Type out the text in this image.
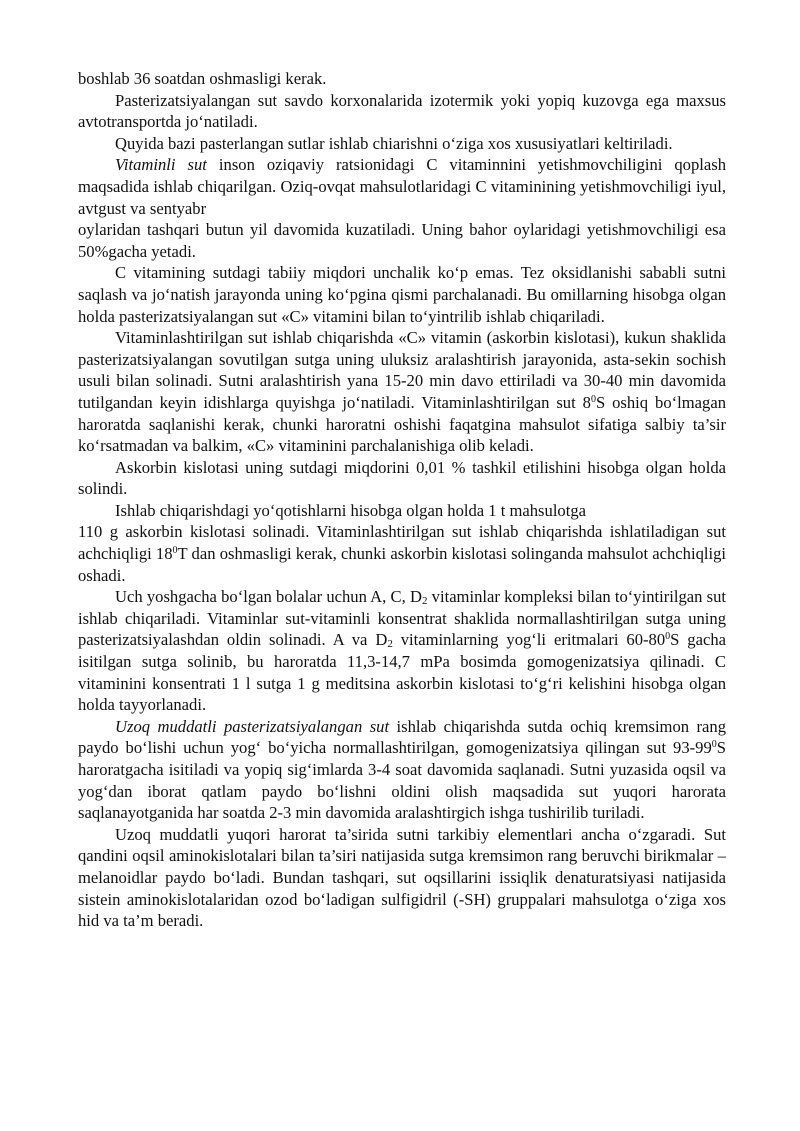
boshlab 36 soatdan oshmasligi kerak.

Pasterizatsiyalangan sut savdo korxonalarida izotermik yoki yopiq kuzovga ega maxsus avtotransportda jo‘natiladi.

Quyida bazi pasterlangan sutlar ishlab chiarishni o‘ziga xos xususiyatlari keltiriladi.

Vitaminli sut inson oziqaviy ratsionidagi C vitaminnini yetishmovchiligini qoplash maqsadida ishlab chiqarilgan. Oziq-ovqat mahsulotlaridagi C vitaminining yetishmovchiligi iyul, avtgust va sentyabr

oylaridan tashqari butun yil davomida kuzatiladi. Uning bahor oylaridagi yetishmovchiligi esa 50%gacha yetadi.

C vitamining sutdagi tabiiy miqdori unchalik ko‘p emas. Tez oksidlanishi sababli sutni saqlash va jo‘natish jarayonda uning ko‘pgina qismi parchalanadi. Bu omillarning hisobga olgan holda pasterizatsiyalangan sut «C» vitamini bilan to‘yintrilib ishlab chiqariladi.

Vitaminlashtirilgan sut ishlab chiqarishda «C» vitamin (askorbin kislotasi), kukun shaklida pasterizatsiyalangan sovutilgan sutga uning uluksiz aralashtirish jarayonida, asta-sekin sochish usuli bilan solinadi. Sutni aralashtirish yana 15-20 min davo ettiriladi va 30-40 min davomida tutilgandan keyin idishlarga quyishga jo‘natiladi. Vitaminlashtirilgan sut $8^0S$ oshiq bo‘lmagan haroratda saqlanishi kerak, chunki haroratni oshishi faqatgina mahsulot sifatiga salbiy ta’sir ko‘rsatmadan va balkim, «C» vitaminini parchalanishiga olib keladi.

Askorbin kislotasi uning sutdagi miqdorini 0,01 % tashkil etilishini hisobga olgan holda solindi.

Ishlab chiqarishdagi yo‘qotishlarni hisobga olgan holda 1 t mahsulotga

110 g askorbin kislotasi solinadi. Vitaminlashtirilgan sut ishlab chiqarishda ishlatiladigan sut achchiqligi $18^0T$ dan oshmasligi kerak, chunki askorbin kislotasi solinganda mahsulot achchiqligi oshadi.

Uch yoshgacha bo‘lgan bolalar uchun A, C, $D_2$ vitaminlar kompleksi bilan to‘yintirilgan sut ishlab chiqariladi. Vitaminlar sut-vitaminli konsentrat shaklida normallashtirilgan sutga uning pasterizatsiyalashdan oldin solinadi. A va $D_2$ vitaminlarning yog‘li eritmalari $60-80^0S$ gacha isitilgan sutga solinib, bu haroratda 11,3-14,7 mPa bosimda gomogenizatsiya qilinadi. C vitaminini konsentrati 1 l sutga 1 g meditsina askorbin kislotasi to‘g‘ri kelishini hisobga olgan holda tayyorlanadi.

Uzoq muddatli pasterizatsiyalangan sut ishlab chiqarishda sutda ochiq kremsimon rang paydo bo‘lishi uchun yog‘ bo‘yicha normallashtirilgan, gomogenizatsiya qilingan sut $93-99^0S$ haroratgacha isitiladi va yopiq sig‘imlarda 3-4 soat davomida saqlanadi. Sutni yuzasida oqsil va yog‘dan iborat qatlam paydo bo‘lishni oldini olish maqsadida sut yuqori harorata saqlanayotganida har soatda 2-3 min davomida aralashtirgich ishga tushirilib turiladi.

Uzoq muddatli yuqori harorat ta’sirida sutni tarkibiy elementlari ancha o‘zgaradi. Sut qandini oqsil aminokislotalari bilan ta’siri natijasida sutga kremsimon rang beruvchi birikmalar – melanoidlar paydo bo‘ladi. Bundan tashqari, sut oqsillarini issiqlik denaturatsiyasi natijasida sistein aminokislotalaridan ozod bo‘ladigan sulfigidril (-SH) gruppalari mahsulotga o‘ziga xos hid va ta’m beradi.
